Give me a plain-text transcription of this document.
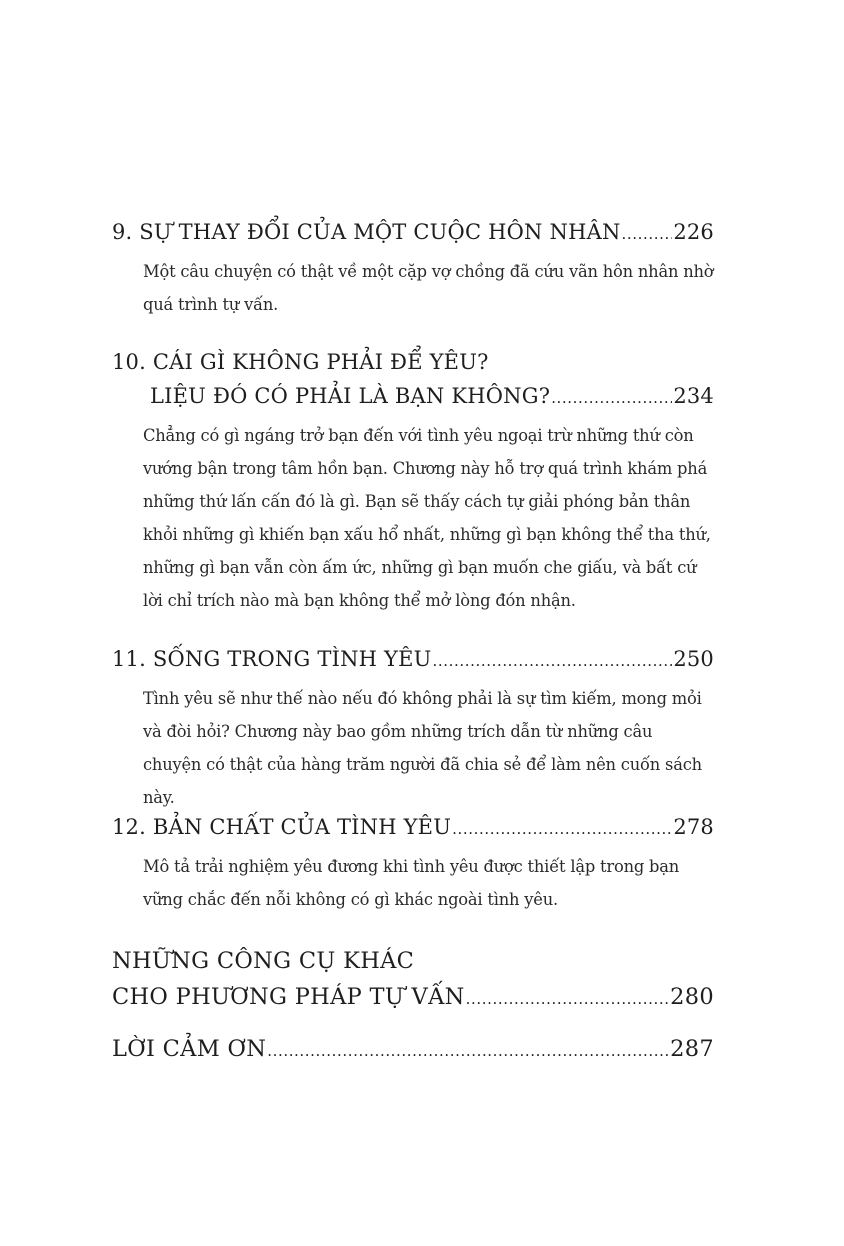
9. SỰ THAY ĐỔI CỦA MỘT CUỘC HÔN NHÂN .....	226
Một câu chuyện có thật về một cặp vợ chồng đã cứu vãn hôn nhân nhờ quá trình tự vấn.
10. CÁI GÌ KHÔNG PHẢI ĐỂ YÊU?
LIỆU ĐÓ CÓ PHẢI LÀ BẠN KHÔNG? .....	234
Chẳng có gì ngáng trở bạn đến với tình yêu ngoại trừ những thứ còn vướng bận trong tâm hồn bạn. Chương này hỗ trợ quá trình khám phá những thứ lấn cấn đó là gì. Bạn sẽ thấy cách tự giải phóng bản thân khỏi những gì khiến bạn xấu hổ nhất, những gì bạn không thể tha thứ, những gì bạn vẫn còn ấm ức, những gì bạn muốn che giấu, và bất cứ lời chỉ trích nào mà bạn không thể mở lòng đón nhận.
11. SỐNG TRONG TÌNH YÊU .....	250
Tình yêu sẽ như thế nào nếu đó không phải là sự tìm kiếm, mong mỏi và đòi hỏi? Chương này bao gồm những trích dẫn từ những câu chuyện có thật của hàng trăm người đã chia sẻ để làm nên cuốn sách này.
12. BẢN CHẤT CỦA TÌNH YÊU .....	278
Mô tả trải nghiệm yêu đương khi tình yêu được thiết lập trong bạn vững chắc đến nỗi không có gì khác ngoài tình yêu.
NHỮNG CÔNG CỤ KHÁC
CHO PHƯƠNG PHÁP TỰ VẤN .....	280
LỜI CẢM ƠN .....	287
